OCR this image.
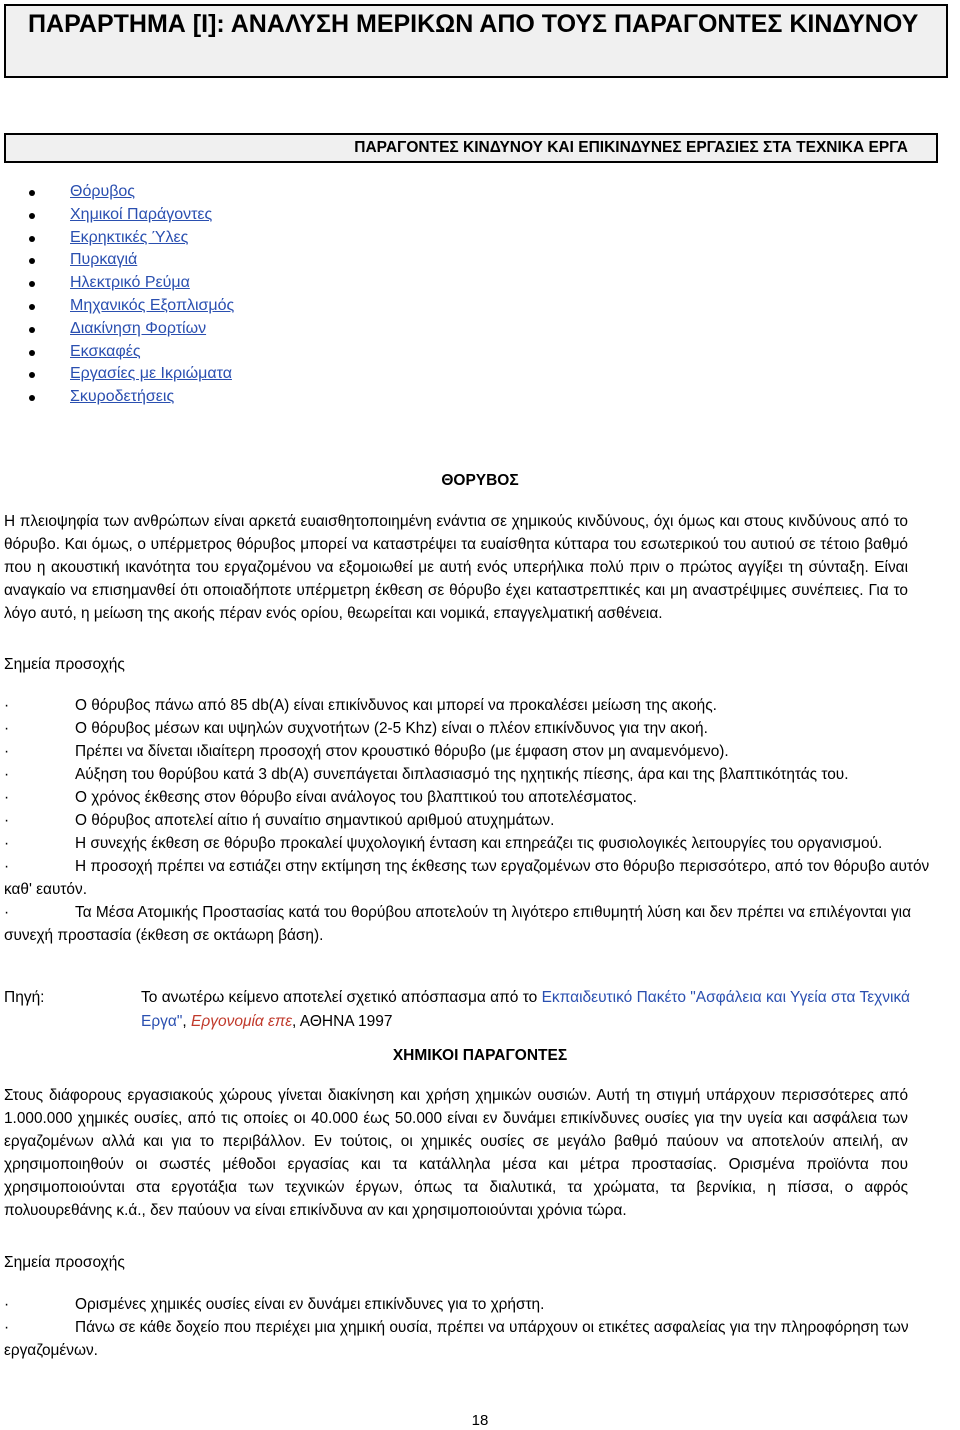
ΠΑΡΑΡΤΗΜΑ [Ι]: ΑΝΑΛΥΣΗ ΜΕΡΙΚΩΝ ΑΠΟ ΤΟΥΣ ΠΑΡΑΓΟΝΤΕΣ ΚΙΝΔΥΝΟΥ
ΠΑΡΑΓΟΝΤΕΣ ΚΙΝΔΥΝΟΥ ΚΑΙ ΕΠΙΚΙΝΔΥΝΕΣ ΕΡΓΑΣΙΕΣ ΣΤΑ ΤΕΧΝΙΚΑ ΕΡΓΑ
Θόρυβος
Χημικοί Παράγοντες
Εκρηκτικές Ύλες
Πυρκαγιά
Ηλεκτρικό Ρεύμα
Μηχανικός Εξοπλισμός
Διακίνηση Φορτίων
Εκσκαφές
Εργασίες με Ικριώματα
Σκυροδετήσεις
ΘΟΡΥΒΟΣ
Η πλειοψηφία των ανθρώπων είναι αρκετά ευαισθητοποιημένη ενάντια σε χημικούς κινδύνους, όχι όμως και στους κινδύνους από το θόρυβο. Και όμως, ο υπέρμετρος θόρυβος μπορεί να καταστρέψει τα ευαίσθητα κύτταρα του εσωτερικού του αυτιού σε τέτοιο βαθμό που η ακουστική ικανότητα του εργαζομένου να εξομοιωθεί με αυτή ενός υπερήλικα πολύ πριν ο πρώτος αγγίξει τη σύνταξη. Είναι αναγκαίο να επισημανθεί ότι οποιαδήποτε υπέρμετρη έκθεση σε θόρυβο έχει καταστρεπτικές και μη αναστρέψιμες συνέπειες. Για το λόγο αυτό, η μείωση της ακοής πέραν ενός ορίου, θεωρείται και νομικά, επαγγελματική ασθένεια.
Σημεία προσοχής
·	Ο θόρυβος πάνω από 85 db(A) είναι επικίνδυνος και μπορεί να προκαλέσει μείωση της ακοής.
·	Ο θόρυβος μέσων και υψηλών συχνοτήτων (2-5 Khz) είναι ο πλέον επικίνδυνος για την ακοή.
·	Πρέπει να δίνεται ιδιαίτερη προσοχή στον κρουστικό θόρυβο (με έμφαση στον μη αναμενόμενο).
·	Αύξηση του θορύβου κατά 3 db(A) συνεπάγεται διπλασιασμό της ηχητικής πίεσης, άρα και της βλαπτικότητάς του.
·	Ο χρόνος έκθεσης στον θόρυβο είναι ανάλογος του βλαπτικού του αποτελέσματος.
·	Ο θόρυβος αποτελεί αίτιο ή συναίτιο σημαντικού αριθμού ατυχημάτων.
·	Η συνεχής έκθεση σε θόρυβο προκαλεί ψυχολογική ένταση και επηρεάζει τις φυσιολογικές λειτουργίες του οργανισμού.
·	Η προσοχή πρέπει να εστιάζει στην εκτίμηση της έκθεσης των εργαζομένων στο θόρυβο περισσότερο, από τον θόρυβο αυτόν καθ' εαυτόν.
·	Τα Μέσα Ατομικής Προστασίας κατά του θορύβου αποτελούν τη λιγότερο επιθυμητή λύση και δεν πρέπει να επιλέγονται για συνεχή προστασία (έκθεση σε οκτάωρη βάση).
Πηγή:	Το ανωτέρω κείμενο αποτελεί σχετικό απόσπασμα από το Εκπαιδευτικό Πακέτο "Ασφάλεια και Υγεία στα Τεχνικά Εργα", Εργονομία επε, ΑΘΗΝΑ 1997
ΧΗΜΙΚΟΙ ΠΑΡΑΓΟΝΤΕΣ
Στους διάφορους εργασιακούς χώρους γίνεται διακίνηση και χρήση χημικών ουσιών. Αυτή τη στιγμή υπάρχουν περισσότερες από 1.000.000 χημικές ουσίες, από τις οποίες οι 40.000 έως 50.000 είναι εν δυνάμει επικίνδυνες ουσίες για την υγεία και ασφάλεια των εργαζομένων αλλά και για το περιβάλλον. Εν τούτοις, οι χημικές ουσίες σε μεγάλο βαθμό παύουν να αποτελούν απειλή, αν χρησιμοποιηθούν οι σωστές μέθοδοι εργασίας και τα κατάλληλα μέσα και μέτρα προστασίας. Ορισμένα προϊόντα που χρησιμοποιούνται στα εργοτάξια των τεχνικών έργων, όπως τα διαλυτικά, τα χρώματα, τα βερνίκια, η πίσσα, ο αφρός πολυουρεθάνης κ.ά., δεν παύουν να είναι επικίνδυνα αν και χρησιμοποιούνται χρόνια τώρα.
Σημεία προσοχής
·	Ορισμένες χημικές ουσίες είναι εν δυνάμει επικίνδυνες για το χρήστη.
·	Πάνω σε κάθε δοχείο που περιέχει μια χημική ουσία, πρέπει να υπάρχουν οι ετικέτες ασφαλείας για την πληροφόρηση των εργαζομένων.
18
